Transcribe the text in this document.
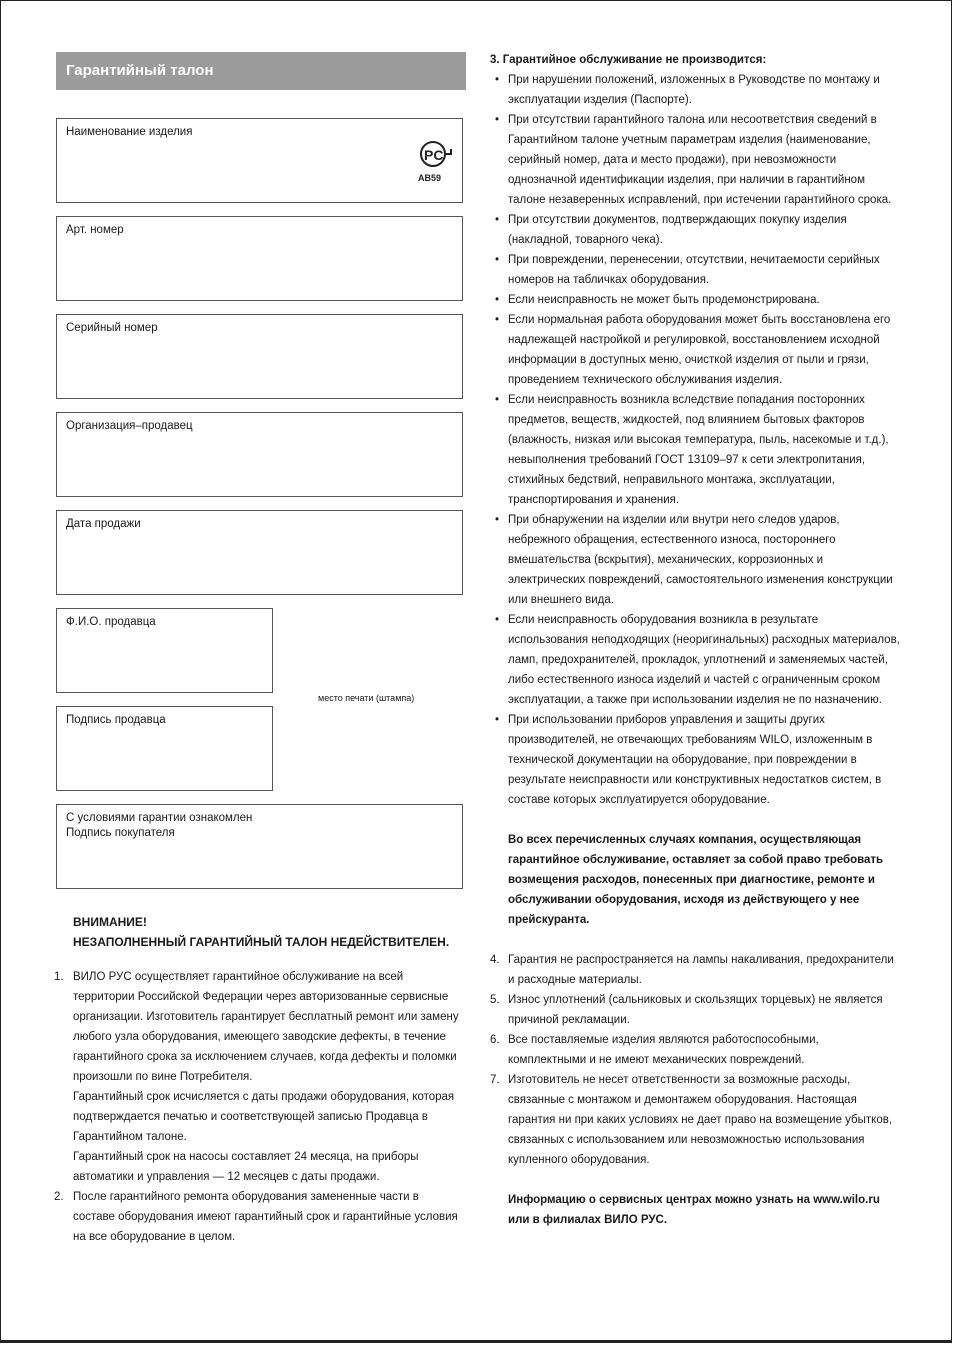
Гарантийный талон
Наименование изделия
PC
АВ59
Арт. номер
Серийный номер
Организация–продавец
Дата продажи
Ф.И.О. продавца
место печати (штампа)
Подпись продавца
С условиями гарантии ознакомлен
Подпись покупателя
ВНИМАНИЕ!
НЕЗАПОЛНЕННЫЙ ГАРАНТИЙНЫЙ ТАЛОН НЕДЕЙСТВИТЕЛЕН.
1. ВИЛО РУС осуществляет гарантийное обслуживание на всей территории Российской Федерации через авторизованные сервисные организации. Изготовитель гарантирует бесплатный ремонт или замену любого узла оборудования, имеющего заводские дефекты, в течение гарантийного срока за исключением случаев, когда дефекты и поломки произошли по вине Потребителя.
Гарантийный срок исчисляется с даты продажи оборудования, которая подтверждается печатью и соответствующей записью Продавца в Гарантийном талоне.
Гарантийный срок на насосы составляет 24 месяца, на приборы автоматики и управления — 12 месяцев с даты продажи.
2. После гарантийного ремонта оборудования замененные части в составе оборудования имеют гарантийный срок и гарантийные условия на все оборудование в целом.
3. Гарантийное обслуживание не производится:
• При нарушении положений, изложенных в Руководстве по монтажу и эксплуатации изделия (Паспорте).
• При отсутствии гарантийного талона или несоответствия сведений в Гарантийном талоне учетным параметрам изделия (наименование, серийный номер, дата и место продажи), при невозможности однозначной идентификации изделия, при наличии в гарантийном талоне незаверенных исправлений, при истечении гарантийного срока.
• При отсутствии документов, подтверждающих покупку изделия (накладной, товарного чека).
• При повреждении, перенесении, отсутствии, нечитаемости серийных номеров на табличках оборудования.
• Если неисправность не может быть продемонстрирована.
• Если нормальная работа оборудования может быть восстановлена его надлежащей настройкой и регулировкой, восстановлением исходной информации в доступных меню, очисткой изделия от пыли и грязи, проведением технического обслуживания изделия.
• Если неисправность возникла вследствие попадания посторонних предметов, веществ, жидкостей, под влиянием бытовых факторов (влажность, низкая или высокая температура, пыль, насекомые и т.д.), невыполнения требований ГОСТ 13109–97 к сети электропитания, стихийных бедствий, неправильного монтажа, эксплуатации, транспортирования и хранения.
• При обнаружении на изделии или внутри него следов ударов, небрежного обращения, естественного износа, постороннего вмешательства (вскрытия), механических, коррозионных и электрических повреждений, самостоятельного изменения конструкции или внешнего вида.
• Если неисправность оборудования возникла в результате использования неподходящих (неоригинальных) расходных материалов, ламп, предохранителей, прокладок, уплотнений и заменяемых частей, либо естественного износа изделий и частей с ограниченным сроком эксплуатации, а также при использовании изделия не по назначению.
• При использовании приборов управления и защиты других производителей, не отвечающих требованиям WILO, изложенным в технической документации на оборудование, при повреждении в результате неисправности или конструктивных недостатков систем, в составе которых эксплуатируется оборудование.
Во всех перечисленных случаях компания, осуществляющая гарантийное обслуживание, оставляет за собой право требовать возмещения расходов, понесенных при диагностике, ремонте и обслуживании оборудования, исходя из действующего у нее прейскуранта.
4. Гарантия не распространяется на лампы накаливания, предохранители и расходные материалы.
5. Износ уплотнений (сальниковых и скользящих торцевых) не является причиной рекламации.
6. Все поставляемые изделия являются работоспособными, комплектными и не имеют механических повреждений.
7. Изготовитель не несет ответственности за возможные расходы, связанные с монтажом и демонтажем оборудования. Настоящая гарантия ни при каких условиях не дает право на возмещение убытков, связанных с использованием или невозможностью использования купленного оборудования.
Информацию о сервисных центрах можно узнать на www.wilo.ru или в филиалах ВИЛО РУС.
